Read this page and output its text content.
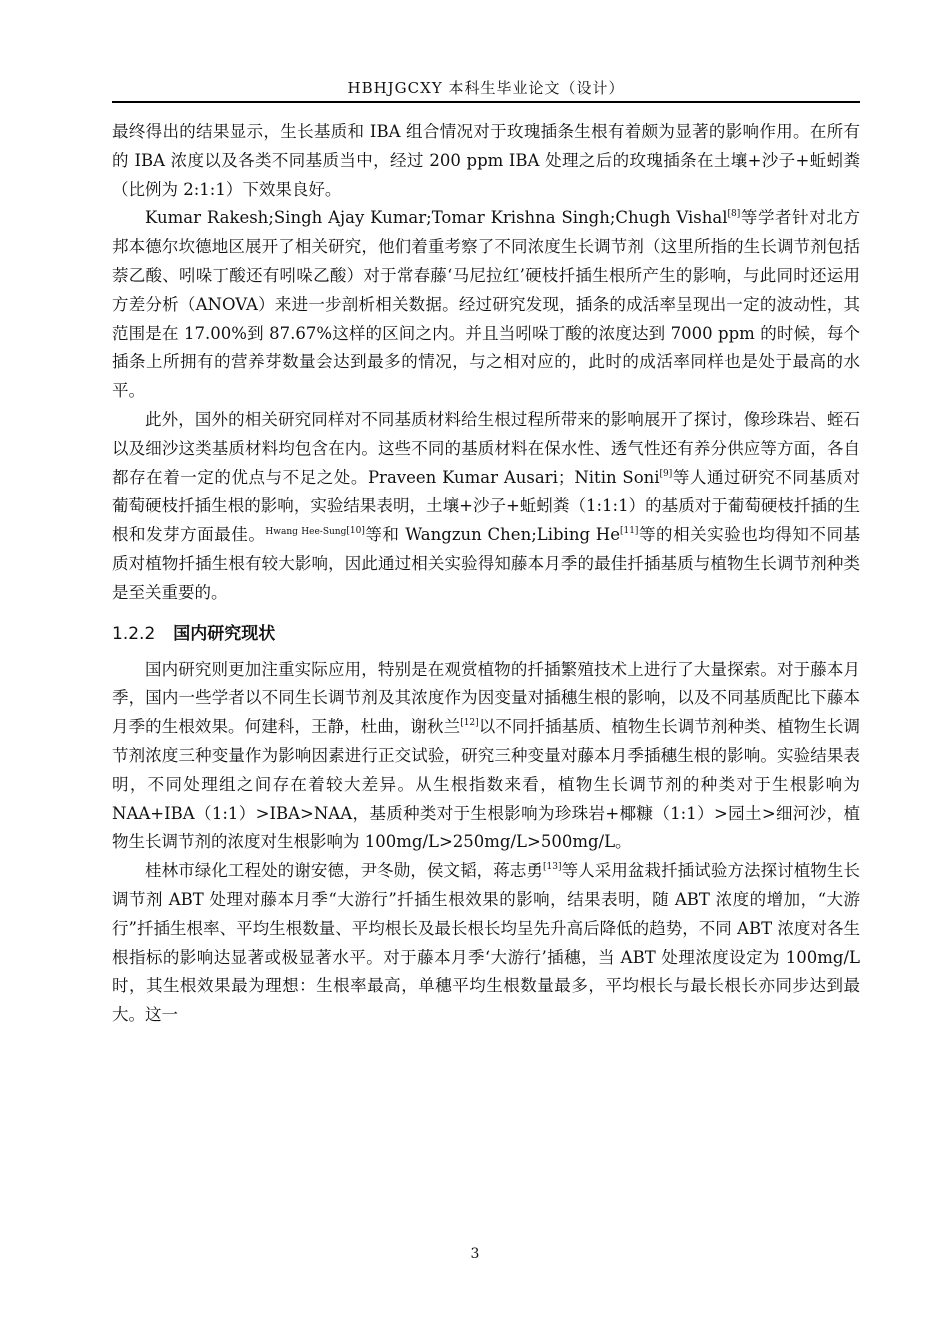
HBHJGCXY 本科生毕业论文（设计）

最终得出的结果显示，生长基质和 IBA 组合情况对于玫瑰插条生根有着颇为显著的影响作用。在所有的 IBA 浓度以及各类不同基质当中，经过 200 ppm IBA 处理之后的玫瑰插条在土壤+沙子+蚯蚓粪（比例为 2:1:1）下效果良好。

Kumar Rakesh;Singh Ajay Kumar;Tomar Krishna Singh;Chugh Vishal[8]等学者针对北方邦本德尔坎德地区展开了相关研究，他们着重考察了不同浓度生长调节剂（这里所指的生长调节剂包括萘乙酸、吲哚丁酸还有吲哚乙酸）对于常春藤‘马尼拉红’硬枝扦插生根所产生的影响，与此同时还运用方差分析（ANOVA）来进一步剖析相关数据。经过研究发现，插条的成活率呈现出一定的波动性，其范围是在 17.00%到 87.67%这样的区间之内。并且当吲哚丁酸的浓度达到 7000 ppm 的时候，每个插条上所拥有的营养芽数量会达到最多的情况，与之相对应的，此时的成活率同样也是处于最高的水平。

此外，国外的相关研究同样对不同基质材料给生根过程所带来的影响展开了探讨，像珍珠岩、蛭石以及细沙这类基质材料均包含在内。这些不同的基质材料在保水性、透气性还有养分供应等方面，各自都存在着一定的优点与不足之处。Praveen Kumar Ausari；Nitin Soni[9]等人通过研究不同基质对葡萄硬枝扦插生根的影响，实验结果表明，土壤+沙子+蚯蚓粪（1:1:1）的基质对于葡萄硬枝扦插的生根和发芽方面最佳。$^{Hwang Hee-Sung[10]}$等和 Wangzun Chen;Libing He[11]等的相关实验也均得知不同基质对植物扦插生根有较大影响，因此通过相关实验得知藤本月季的最佳扦插基质与植物生长调节剂种类是至关重要的。

1.2.2 国内研究现状

国内研究则更加注重实际应用，特别是在观赏植物的扦插繁殖技术上进行了大量探索。对于藤本月季，国内一些学者以不同生长调节剂及其浓度作为因变量对插穗生根的影响，以及不同基质配比下藤本月季的生根效果。何建科，王静，杜曲，谢秋兰[12]以不同扦插基质、植物生长调节剂种类、植物生长调节剂浓度三种变量作为影响因素进行正交试验，研究三种变量对藤本月季插穗生根的影响。实验结果表明，不同处理组之间存在着较大差异。从生根指数来看，植物生长调节剂的种类对于生根影响为 NAA+IBA（1:1）>IBA>NAA，基质种类对于生根影响为珍珠岩+椰糠（1:1）>园土>细河沙，植物生长调节剂的浓度对生根影响为 100mg/L>250mg/L>500mg/L。

桂林市绿化工程处的谢安德，尹冬勋，侯文韬，蒋志勇[13]等人采用盆栽扦插试验方法探讨植物生长调节剂 ABT 处理对藤本月季“大游行”扦插生根效果的影响，结果表明，随 ABT 浓度的增加，“大游行”扦插生根率、平均生根数量、平均根长及最长根长均呈先升高后降低的趋势，不同 ABT 浓度对各生根指标的影响达显著或极显著水平。对于藤本月季‘大游行’插穗，当 ABT 处理浓度设定为 100mg/L 时，其生根效果最为理想：生根率最高，单穗平均生根数量最多，平均根长与最长根长亦同步达到最大。这一

3
